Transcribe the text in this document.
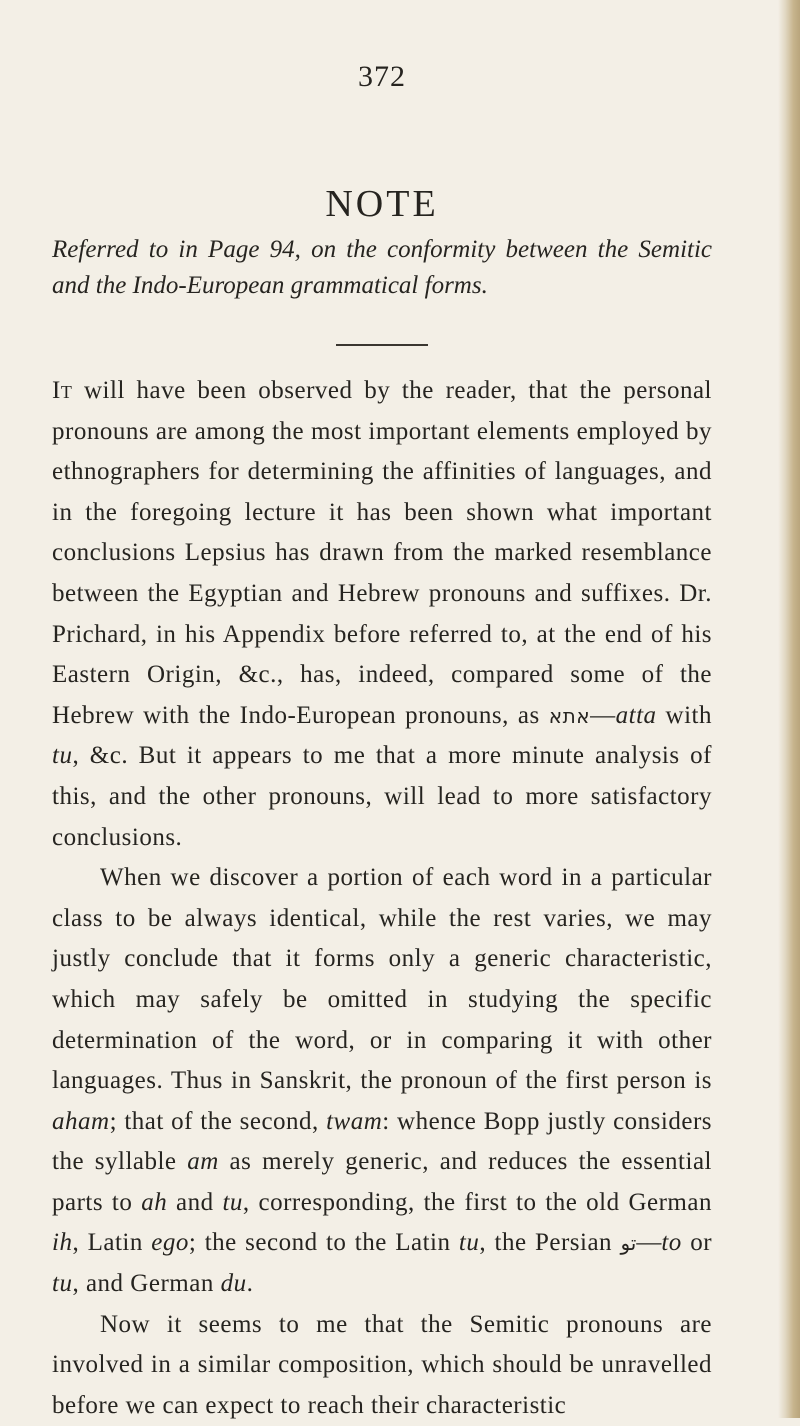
372

NOTE

Referred to in Page 94, on the conformity between the Semitic and the Indo-European grammatical forms.

It will have been observed by the reader, that the personal pronouns are among the most important elements employed by ethnographers for determining the affinities of languages, and in the foregoing lecture it has been shown what important conclusions Lepsius has drawn from the marked resemblance between the Egyptian and Hebrew pronouns and suffixes. Dr. Prichard, in his Appendix before referred to, at the end of his Eastern Origin, &c., has, indeed, compared some of the Hebrew with the Indo-European pronouns, as אתא—atta with tu, &c. But it appears to me that a more minute analysis of this, and the other pronouns, will lead to more satisfactory conclusions.

When we discover a portion of each word in a particular class to be always identical, while the rest varies, we may justly conclude that it forms only a generic characteristic, which may safely be omitted in studying the specific determination of the word, or in comparing it with other languages. Thus in Sanskrit, the pronoun of the first person is aham; that of the second, twam: whence Bopp justly considers the syllable am as merely generic, and reduces the essential parts to ah and tu, corresponding, the first to the old German ih, Latin ego; the second to the Latin tu, the Persian تو—to or tu, and German du.

Now it seems to me that the Semitic pronouns are involved in a similar composition, which should be unravelled before we can expect to reach their characteristic
